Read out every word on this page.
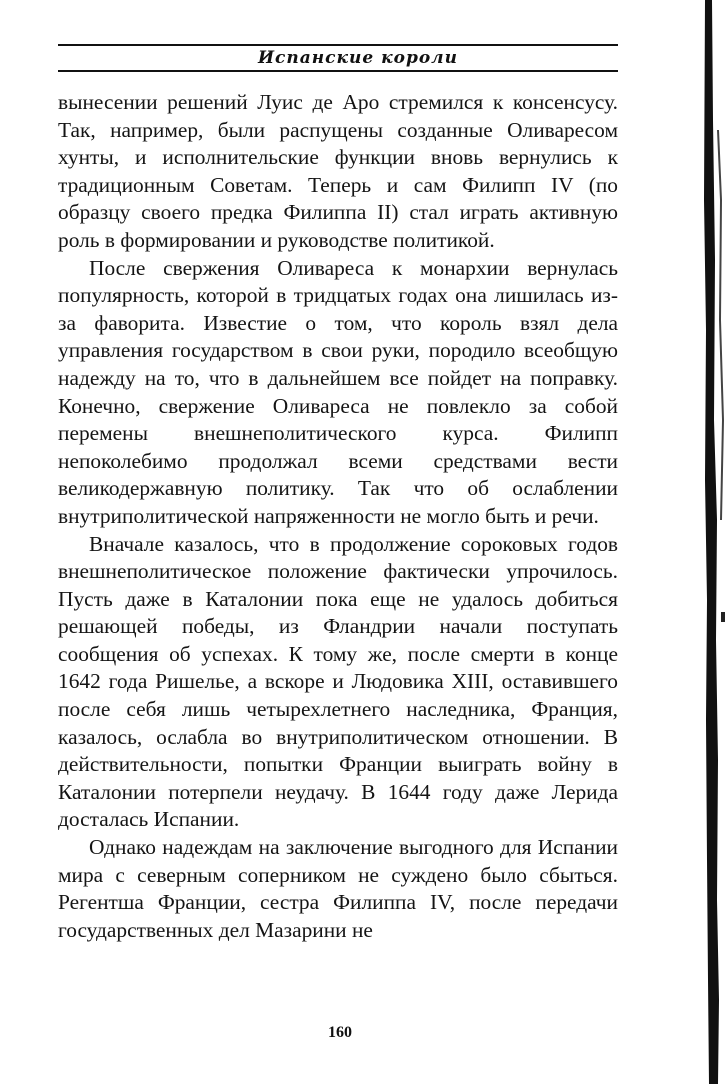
Испанские короли

вынесении решений Луис де Аро стремился к консенсусу. Так, например, были распущены созданные Оливаресом хунты, и исполнительские функции вновь вернулись к традиционным Советам. Теперь и сам Филипп IV (по образцу своего предка Филиппа II) стал играть активную роль в формировании и руководстве политикой.

После свержения Оливареса к монархии вернулась популярность, которой в тридцатых годах она лишилась из-за фаворита. Известие о том, что король взял дела управления государством в свои руки, породило всеобщую надежду на то, что в дальнейшем все пойдет на поправку. Конечно, свержение Оливареса не повлекло за собой перемены внешнеполитического курса. Филипп непоколебимо продолжал всеми средствами вести великодержавную политику. Так что об ослаблении внутриполитической напряженности не могло быть и речи.

Вначале казалось, что в продолжение сороковых годов внешнеполитическое положение фактически упрочилось. Пусть даже в Каталонии пока еще не удалось добиться решающей победы, из Фландрии начали поступать сообщения об успехах. К тому же, после смерти в конце 1642 года Ришелье, а вскоре и Людовика XIII, оставившего после себя лишь четырехлетнего наследника, Франция, казалось, ослабла во внутриполитическом отношении. В действительности, попытки Франции выиграть войну в Каталонии потерпели неудачу. В 1644 году даже Лерида досталась Испании.

Однако надеждам на заключение выгодного для Испании мира с северным соперником не суждено было сбыться. Регентша Франции, сестра Филиппа IV, после передачи государственных дел Мазарини не

160
